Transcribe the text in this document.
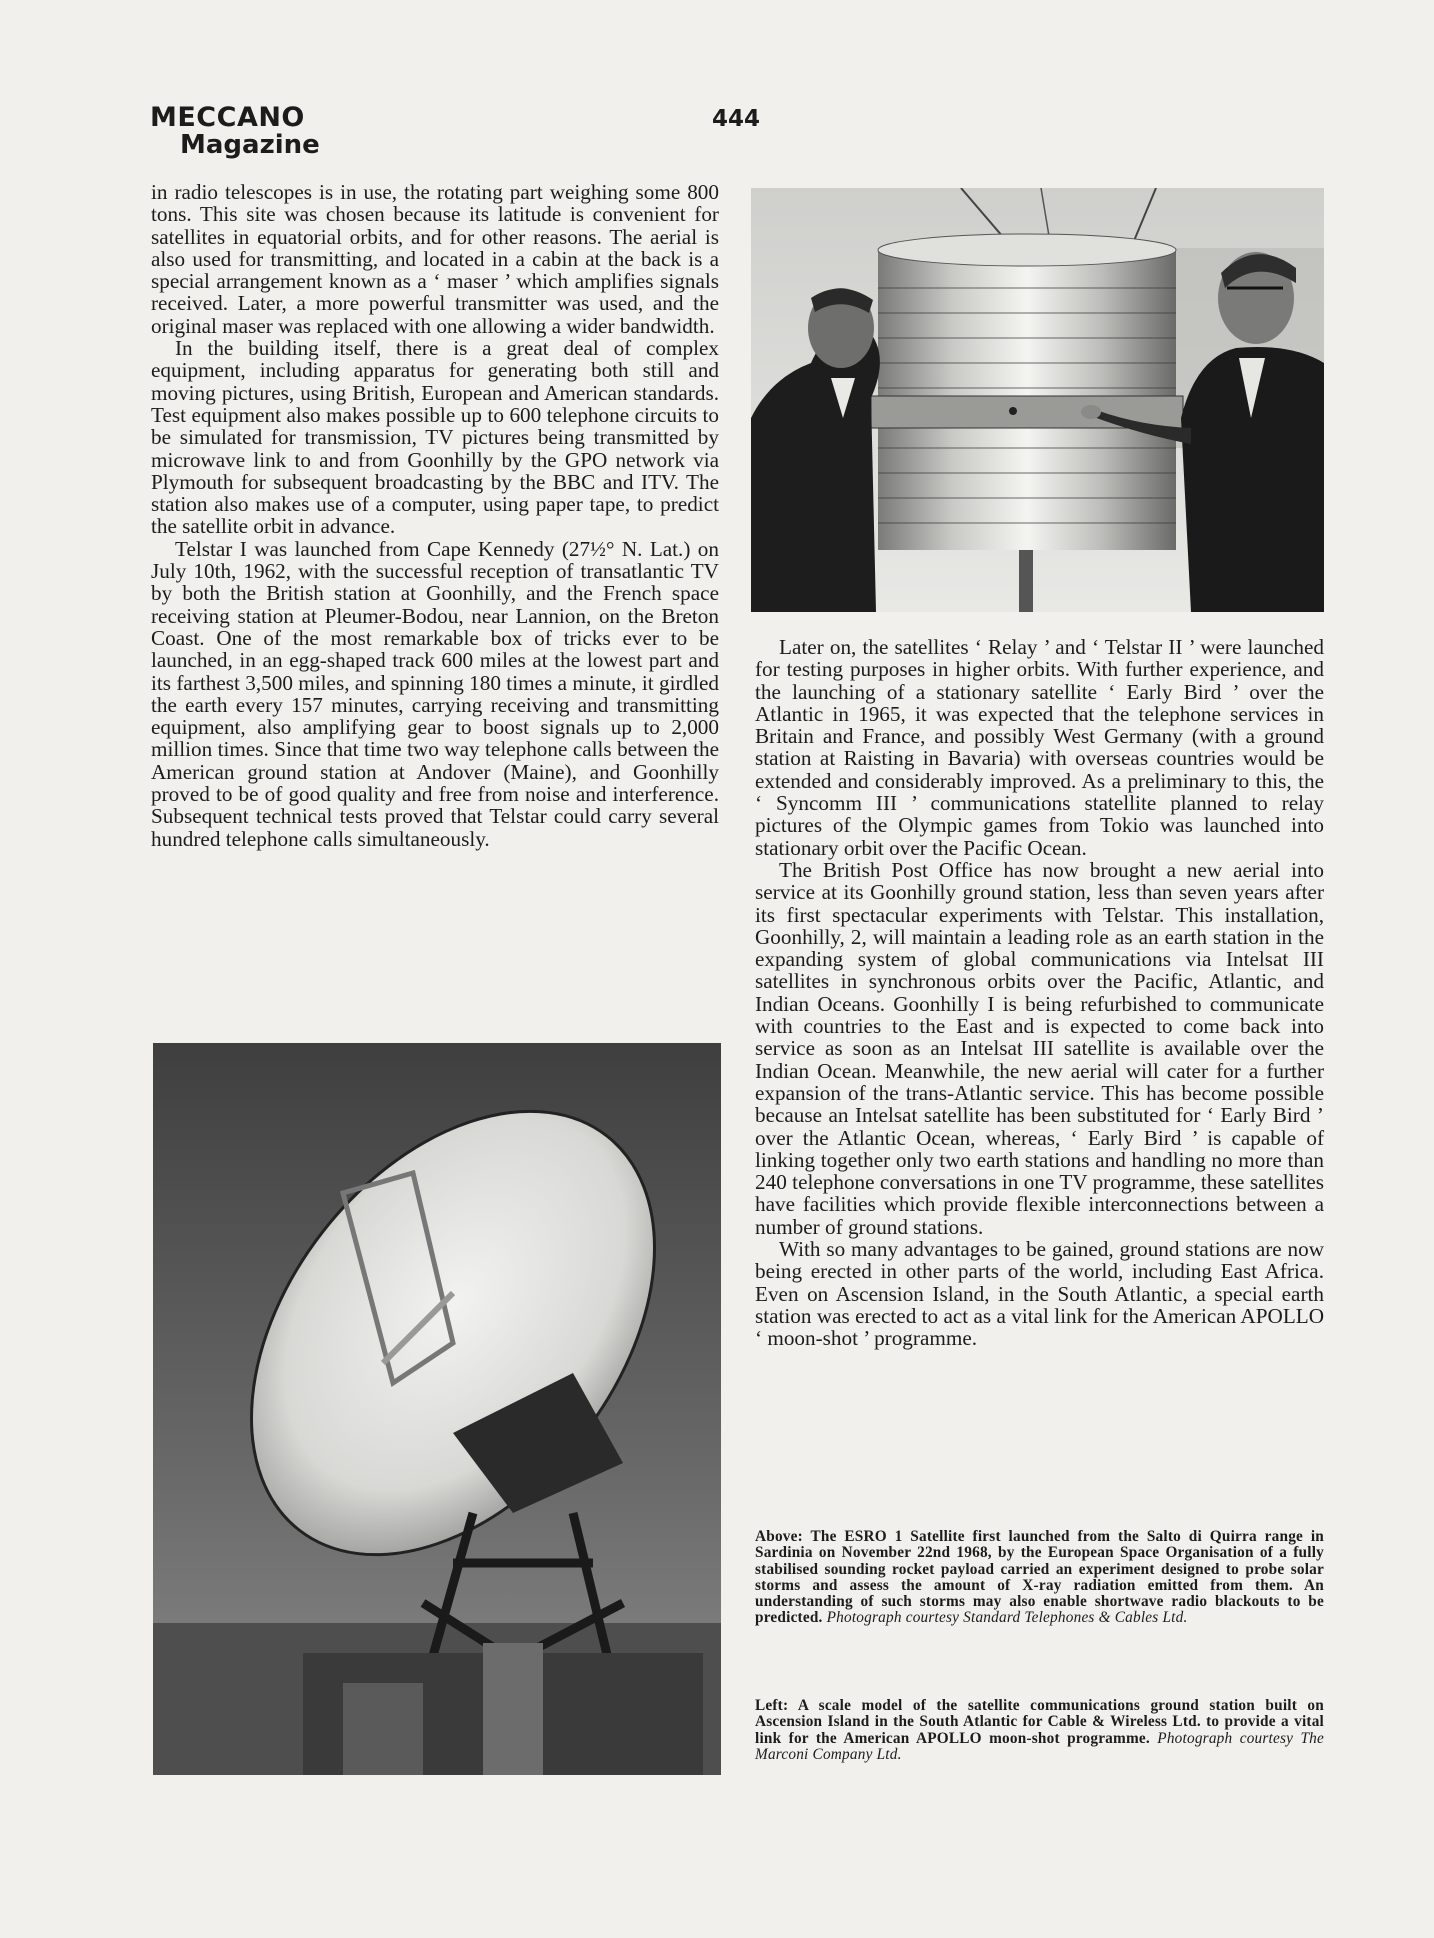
MECCANO
Magazine
444

in radio telescopes is in use, the rotating part weighing some 800 tons. This site was chosen because its latitude is convenient for satellites in equatorial orbits, and for other reasons. The aerial is also used for transmitting, and located in a cabin at the back is a special arrangement known as a ‘ maser ’ which amplifies signals received. Later, a more powerful transmitter was used, and the original maser was replaced with one allowing a wider bandwidth.

In the building itself, there is a great deal of complex equipment, including apparatus for generating both still and moving pictures, using British, European and American standards. Test equipment also makes possible up to 600 telephone circuits to be simulated for transmission, TV pictures being transmitted by microwave link to and from Goonhilly by the GPO network via Plymouth for subsequent broadcasting by the BBC and ITV. The station also makes use of a computer, using paper tape, to predict the satellite orbit in advance.

Telstar I was launched from Cape Kennedy (27½° N. Lat.) on July 10th, 1962, with the successful reception of transatlantic TV by both the British station at Goonhilly, and the French space receiving station at Pleumer-Bodou, near Lannion, on the Breton Coast. One of the most remarkable box of tricks ever to be launched, in an egg-shaped track 600 miles at the lowest part and its farthest 3,500 miles, and spinning 180 times a minute, it girdled the earth every 157 minutes, carrying receiving and transmitting equipment, also amplifying gear to boost signals up to 2,000 million times. Since that time two way telephone calls between the American ground station at Andover (Maine), and Goonhilly proved to be of good quality and free from noise and interference. Subsequent technical tests proved that Telstar could carry several hundred telephone calls simultaneously.

Later on, the satellites ‘ Relay ’ and ‘ Telstar II ’ were launched for testing purposes in higher orbits. With further experience, and the launching of a stationary satellite ‘ Early Bird ’ over the Atlantic in 1965, it was expected that the telephone services in Britain and France, and possibly West Germany (with a ground station at Raisting in Bavaria) with overseas countries would be extended and considerably improved. As a preliminary to this, the ‘ Syncomm III ’ communications statellite planned to relay pictures of the Olympic games from Tokio was launched into stationary orbit over the Pacific Ocean.

The British Post Office has now brought a new aerial into service at its Goonhilly ground station, less than seven years after its first spectacular experiments with Telstar. This installation, Goonhilly, 2, will maintain a leading role as an earth station in the expanding system of global communications via Intelsat III satellites in synchronous orbits over the Pacific, Atlantic, and Indian Oceans. Goonhilly I is being refurbished to communicate with countries to the East and is expected to come back into service as soon as an Intelsat III satellite is available over the Indian Ocean. Meanwhile, the new aerial will cater for a further expansion of the trans-Atlantic service. This has become possible because an Intelsat satellite has been substituted for ‘ Early Bird ’ over the Atlantic Ocean, whereas, ‘ Early Bird ’ is capable of linking together only two earth stations and handling no more than 240 telephone conversations in one TV programme, these satellites have facilities which provide flexible interconnections between a number of ground stations.

With so many advantages to be gained, ground stations are now being erected in other parts of the world, including East Africa. Even on Ascension Island, in the South Atlantic, a special earth station was erected to act as a vital link for the American APOLLO ‘ moon-shot ’ programme.

Above: The ESRO 1 Satellite first launched from the Salto di Quirra range in Sardinia on November 22nd 1968, by the European Space Organisation of a fully stabilised sounding rocket payload carried an experiment designed to probe solar storms and assess the amount of X-ray radiation emitted from them. An understanding of such storms may also enable shortwave radio blackouts to be predicted. Photograph courtesy Standard Telephones & Cables Ltd.
Left: A scale model of the satellite communications ground station built on Ascension Island in the South Atlantic for Cable & Wireless Ltd. to provide a vital link for the American APOLLO moon-shot programme. Photograph courtesy The Marconi Company Ltd.
